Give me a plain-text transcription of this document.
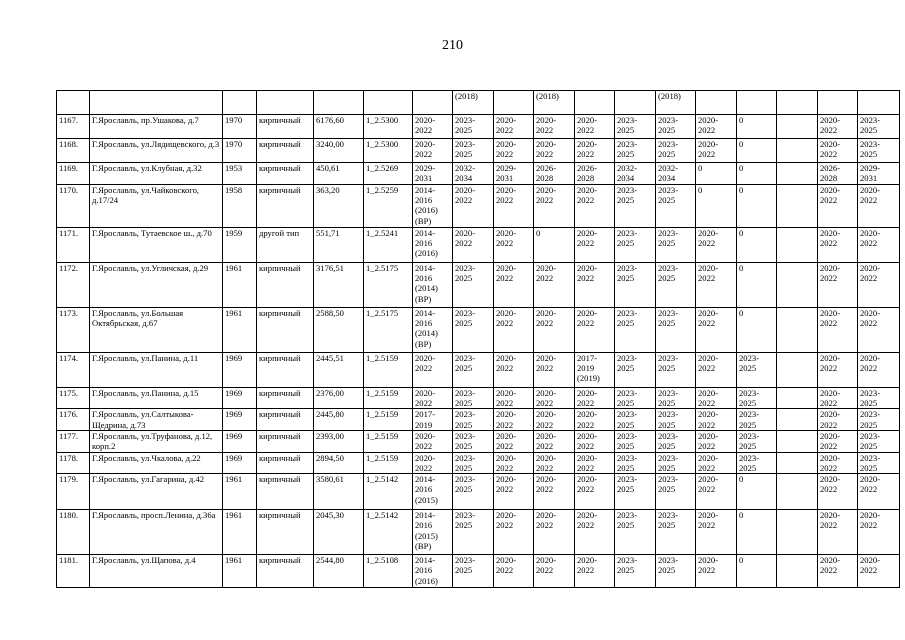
210
							(2018)		(2018)			(2018)					
1167.	Г.Ярославль, пр.Ушакова, д.7	1970	кирпичный	6176,60	1_2.5300	2020- 2022	2023- 2025	2020- 2022	2020- 2022	2020- 2022	2023- 2025	2023- 2025	2020- 2022	0		2020- 2022	2023- 2025
1168.	Г.Ярославль, ул.Лядищевского, д.3	1970	кирпичный	3240,00	1_2.5300	2020- 2022	2023- 2025	2020- 2022	2020- 2022	2020- 2022	2023- 2025	2023- 2025	2020- 2022	0		2020- 2022	2023- 2025
1169.	Г.Ярославль, ул.Клубная, д.32	1953	кирпичный	450,61	1_2.5269	2029- 2031	2032- 2034	2029- 2031	2026- 2028	2026- 2028	2032- 2034	2032- 2034	0	0		2026- 2028	2029- 2031
1170.	Г.Ярославль, ул.Чайковского, д.17/24	1958	кирпичный	363,20	1_2.5259	2014- 2016 (2016) (ВР)	2020- 2022	2020- 2022	2020- 2022	2020- 2022	2023- 2025	2023- 2025	0	0		2020- 2022	2020- 2022
1171.	Г.Ярославль, Тутаевское ш., д.70	1959	другой тип	551,71	1_2.5241	2014- 2016 (2016)	2020- 2022	2020- 2022	0	2020- 2022	2023- 2025	2023- 2025	2020- 2022	0		2020- 2022	2020- 2022
1172.	Г.Ярославль, ул.Угличская, д.29	1961	кирпичный	3176,51	1_2.5175	2014- 2016 (2014) (ВР)	2023- 2025	2020- 2022	2020- 2022	2020- 2022	2023- 2025	2023- 2025	2020- 2022	0		2020- 2022	2020- 2022
1173.	Г.Ярославль, ул.Большая Октябрьская, д.67	1961	кирпичный	2588,50	1_2.5175	2014- 2016 (2014) (ВР)	2023- 2025	2020- 2022	2020- 2022	2020- 2022	2023- 2025	2023- 2025	2020- 2022	0		2020- 2022	2020- 2022
1174.	Г.Ярославль, ул.Панина, д.11	1969	кирпичный	2445,51	1_2.5159	2020- 2022	2023- 2025	2020- 2022	2020- 2022	2017- 2019 (2019)	2023- 2025	2023- 2025	2020- 2022	2023- 2025		2020- 2022	2020- 2022
1175.	Г.Ярославль, ул.Панина, д.15	1969	кирпичный	2376,00	1_2.5159	2020- 2022	2023- 2025	2020- 2022	2020- 2022	2020- 2022	2023- 2025	2023- 2025	2020- 2022	2023- 2025		2020- 2022	2023- 2025
1176.	Г.Ярославль, ул.Салтыкова-Щедрина, д.73	1969	кирпичный	2445,80	1_2.5159	2017- 2019	2023- 2025	2020- 2022	2020- 2022	2020- 2022	2023- 2025	2023- 2025	2020- 2022	2023- 2025		2020- 2022	2023- 2025
1177.	Г.Ярославль, ул.Труфанова, д.12, корп.2	1969	кирпичный	2393,00	1_2.5159	2020- 2022	2023- 2025	2020- 2022	2020- 2022	2020- 2022	2023- 2025	2023- 2025	2020- 2022	2023- 2025		2020- 2022	2023- 2025
1178.	Г.Ярославль, ул.Чкалова, д.22	1969	кирпичный	2894,50	1_2.5159	2020- 2022	2023- 2025	2020- 2022	2020- 2022	2020- 2022	2023- 2025	2023- 2025	2020- 2022	2023- 2025		2020- 2022	2023- 2025
1179.	Г.Ярославль, ул.Гагарина, д.42	1961	кирпичный	3580,61	1_2.5142	2014- 2016 (2015)	2023- 2025	2020- 2022	2020- 2022	2020- 2022	2023- 2025	2023- 2025	2020- 2022	0		2020- 2022	2020- 2022
1180.	Г.Ярославль, просп.Ленина, д.36а	1961	кирпичный	2045,30	1_2.5142	2014- 2016 (2015) (ВР)	2023- 2025	2020- 2022	2020- 2022	2020- 2022	2023- 2025	2023- 2025	2020- 2022	0		2020- 2022	2020- 2022
1181.	Г.Ярославль, ул.Щапова, д.4	1961	кирпичный	2544,80	1_2.5108	2014- 2016 (2016)	2023- 2025	2020- 2022	2020- 2022	2020- 2022	2023- 2025	2023- 2025	2020- 2022	0		2020- 2022	2020- 2022
